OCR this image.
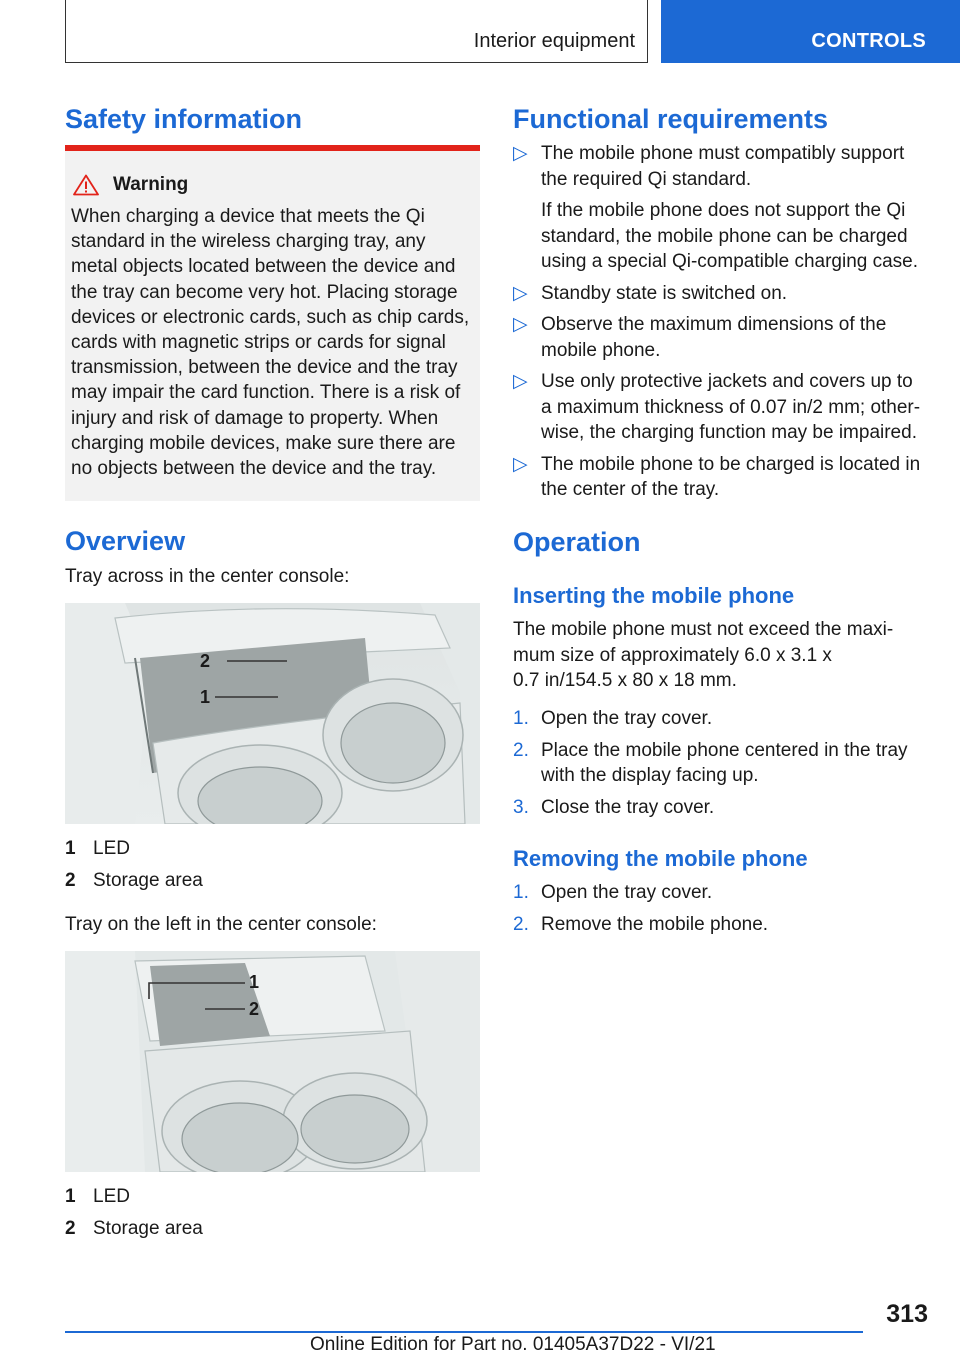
Interior equipment	CONTROLS
Safety information
Warning
When charging a device that meets the Qi
standard in the wireless charging tray, any
metal objects located between the device and
the tray can become very hot. Placing storage
devices or electronic cards, such as chip cards,
cards with magnetic strips or cards for signal
transmission, between the device and the tray
may impair the card function. There is a risk of
injury and risk of damage to property. When
charging mobile devices, make sure there are
no objects between the device and the tray.
Overview

Tray across in the center console:

2
1
1 LED
2 Storage area

Tray on the left in the center console:

1
2
1 LED
2 Storage area
Functional requirements
▷ The mobile phone must compatibly support
the required Qi standard.
If the mobile phone does not support the Qi
standard, the mobile phone can be charged
using a special Qi-compatible charging case.
▷ Standby state is switched on.
▷ Observe the maximum dimensions of the
mobile phone.
▷ Use only protective jackets and covers up to
a maximum thickness of 0.07 in/2 mm; other-
wise, the charging function may be impaired.
▷ The mobile phone to be charged is located in
the center of the tray.
Operation
Inserting the mobile phone
The mobile phone must not exceed the maxi-
mum size of approximately 6.0 x 3.1 x
0.7 in/154.5 x 80 x 18 mm.
1. Open the tray cover.
2. Place the mobile phone centered in the tray
with the display facing up.
3. Close the tray cover.
Removing the mobile phone
1. Open the tray cover.
2. Remove the mobile phone.
313
Online Edition for Part no. 01405A37D22 - VI/21
